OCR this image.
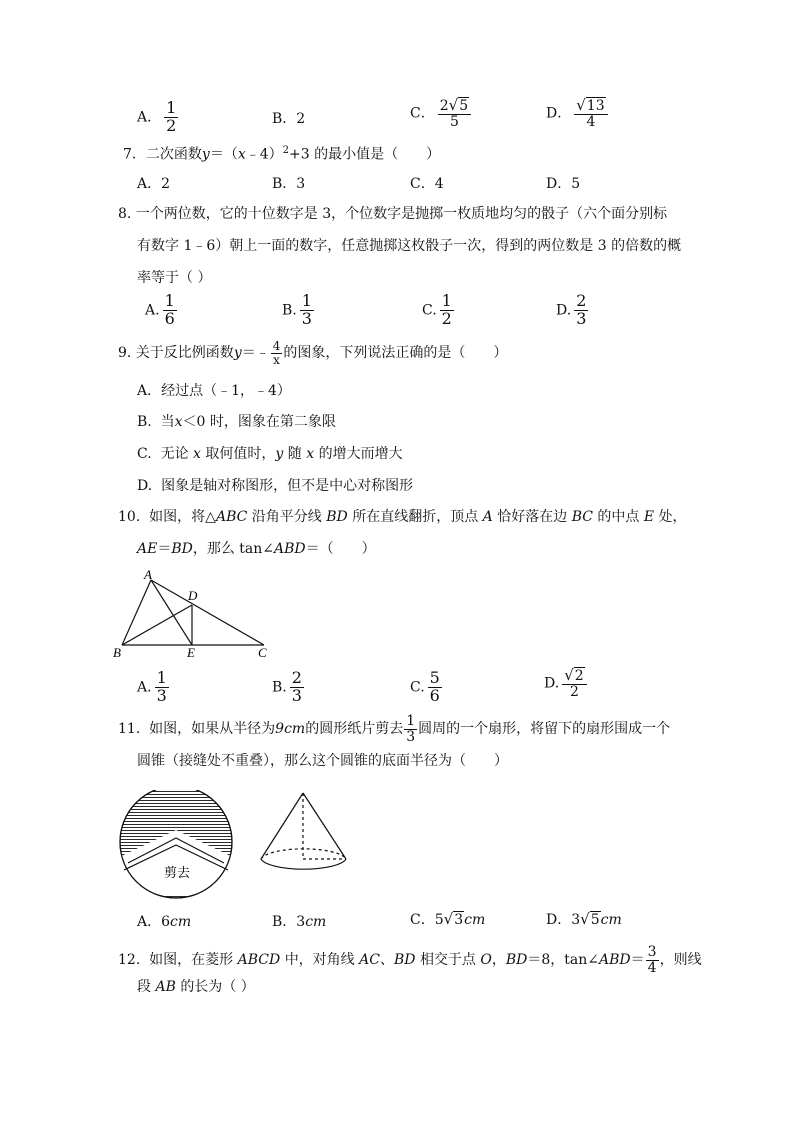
A． $\frac{1}{2}$	B．2	C． $\frac{2√5}{5}$	D． $\frac{√13}{4}$
7．二次函数y＝（x﹣4）$^2$+3 的最小值是（　　）
A．2	B．3	C．4	D．5
8. 一个两位数，它的十位数字是 3，个位数字是抛掷一枚质地均匀的骰子（六个面分别标
有数字 1﹣6）朝上一面的数字，任意抛掷这枚骰子一次，得到的两位数是 3 的倍数的概
率等于（ ）
A. $\frac{1}{6}$	B. $\frac{1}{3}$	C. $\frac{1}{2}$	D. $\frac{2}{3}$
9. 关于反比例函数y＝﹣ $\frac{4}{x}$ 的图象，下列说法正确的是（　　）
A．经过点（﹣1，﹣4）
B. 当x＜0 时，图象在第二象限
C. 无论 x 取何值时，y 随 x 的增大而增大
D. 图象是轴对称图形，但不是中心对称图形
10. 如图，将△ABC 沿角平分线 BD 所在直线翻折，顶点 A 恰好落在边 BC 的中点 E 处，
AE＝BD，那么 tan∠ABD＝（　　）
A
B	C
D
E
A. $\frac{1}{3}$	B. $\frac{2}{3}$	C. $\frac{5}{6}$	D. $\frac{√2}{2}$
11. 如图，如果从半径为9cm的圆形纸片剪去 $\frac{1}{3}$ 圆周的一个扇形，将留下的扇形围成一个
圆锥（接缝处不重叠），那么这个圆锥的底面半径为（　　）
剪去
A．6cm	B．3cm	C．5√3cm	D．3√5cm
12. 如图，在菱形 ABCD 中，对角线 AC、BD 相交于点 O，BD＝8，tan∠ABD＝ $\frac{3}{4}$ ，则线
段 AB 的长为（ ）
